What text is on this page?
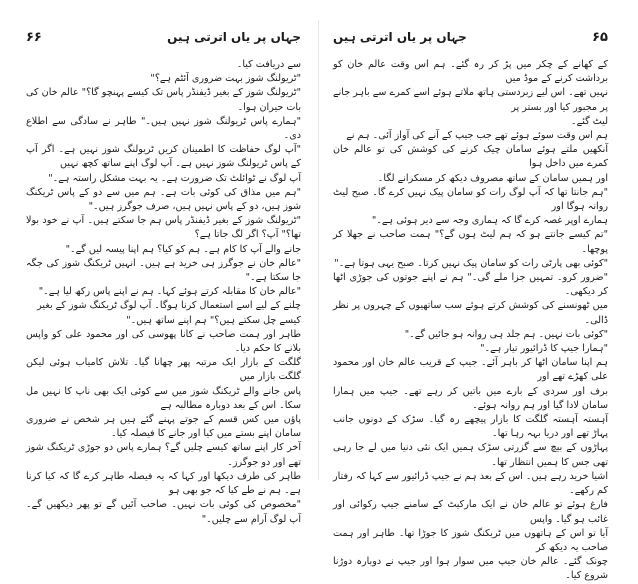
۶۶	جہاں پر یاں اترتی ہیں

سے دریافت کیا۔

"ٹریولنگ شوز بہت ضروری آئٹم ہے؟"

"ٹریولنگ شوز کے بغیر ڈیفنڈر پاس تک کیسے پہنچو گا؟" عالم خان کی بات حیران ہوا۔

"ہمارے پاس ٹریولنگ شوز نہیں ہیں۔" طاہر نے سادگی سے اطلاع دی۔

"آپ لوگ حفاظت کا اطمینان کریں ٹریولنگ شوز نہیں ہے۔ اگر آپ کے پاس ٹریولنگ شوز نہیں ہے۔ آپ لوگ اپنے ساتھ کچھ نہیں

آپ لوگ نے ٹوائلٹ تک ضرورت ہے۔ یہ بہت مشکل راستہ ہے۔"

"ہم میں مذاق کی کوئی بات ہے۔ ہم میں سے دو کے پاس ٹریکنگ شوز ہیں، دو کے پاس نہیں ہیں، صرف جوگرز ہیں۔"

"ٹریولنگ شوز کے بغیر ڈیفنڈر پاس ہم جا سکتے ہیں۔ آپ نے خود بولا تھا؟" آپ؟ اگر لگ جاتا ہے؟

جانے والے آپ کا کام ہے۔ ہم کو کیا؟ ہم اپنا پیسہ لیں گے۔"

"عالم خان نے جوگرز ہی خرید ہے ہیں۔ انہیں ٹریکنگ شوز کی جگہ جا سکتا ہے۔"

"عالم خان کا مقابلہ کرتے ہوئے کہا۔ ہم نے اپنے پاس رکھ لیا ہے۔"

چلنے کے لیے اسے استعمال کرنا ہوگا۔ آپ لوگ ٹریکنگ شوز کے بغیر

کیسے چل سکتے ہیں؟" ہم اپنے ساتھ ہیں۔"

طاہر اور ہمت صاحب نے کانا پھوسی کی اور محمود علی کو واپس بلانے کا حکم دیا۔

گلگت کے بازار ایک مرتبہ پھر چھانا گیا۔ تلاش کامیاب ہوئی لیکن گلگت بازار میں

پاس جانے والے ٹریکنگ شوز میں سے کوئی ایک بھی ناپ کا نہیں مل سکا۔ اس کے بعد دوبارہ مطالبہ ہے

پاؤں میں کس قسم کے جوتے پہنے گئے ہیں ہر شخص نے ضروری سامان اپنے بستے میں کیا اور جانے کا فیصلہ کیا۔

آخر کار اپنے ساتھ کیسے چلیں گے؟ ہمارے پاس دو جوڑی ٹریکنگ شوز تھے اور دو جوگرز۔

طاہر کی طرف دیکھا اور کہا کہ یہ فیصلہ طاہر کرے گا کہ کیا کرنا ہے۔ ہم نے طے کیا کہ جو بھی ہو

"مخصوص کی کوئی بات نہیں۔ صاحب آئیں گے تو پھر دیکھیں گے۔ آپ لوگ آرام سے چلیں۔"

جہاں پر یاں اترتی ہیں	۶۵

کے کھانے کے چکر میں پڑ کر رہ گئے۔ ہم اس وقت عالم خان کو برداشت کرنے کے موڈ میں

نہیں تھے۔ اس لیے زبردستی ہاتھ ملاتے ہوئے اسے کمرے سے باہر جانے پر مجبور کیا اور بستر پر

لیٹ گئے۔

ہم اس وقت سوئے ہوئے تھے جب جیپ کے آنے کی آواز آئی۔ ہم نے

آنکھیں ملتے ہوئے سامان چیک کرنے کی کوشش کی تو عالم خان کمرے میں داخل ہوا

اور ہمیں سامان کے ساتھ مصروف دیکھ کر مسکرانے لگا۔

"ہم جانتا تھا کہ آپ لوگ رات کو سامان پیک نہیں کرے گا۔ صبح لیٹ روانہ ہوگا اور

ہمارے اوپر غصہ کرے گا کہ ہماری وجہ سے دیر ہوئی ہے۔"

"تم کیسے جانتے ہو کہ ہم لیٹ ہوں گے؟" ہمت صاحب نے جھلا کر پوچھا۔

"کوئی بھی پارٹی رات کو سامان پیک نہیں کرتا۔ صبح یہی ہوتا ہے۔"

"ضرور کرو۔ تمہیں جزا ملے گی۔" ہم نے اپنے جوتوں کی جوڑی اٹھا کر دیکھی۔

میں ٹھونسنے کی کوشش کرتے ہوئے سب ساتھیوں کے چہروں پر نظر ڈالی۔

"کوئی بات نہیں۔ ہم جلد ہی روانہ ہو جائیں گے۔"

"ہمارا جیپ کا ڈرائیور تیار ہے۔"

ہم اپنا سامان اٹھا کر باہر آئے۔ جیپ کے قریب عالم خان اور محمود علی کھڑے تھے اور

برف اور سردی کے بارے میں باتیں کر رہے تھے۔ جیپ میں ہمارا سامان لادا گیا اور ہم روانہ ہوئے۔

آہستہ آہستہ گلگت کا بازار پیچھے رہ گیا۔ سڑک کے دونوں جانب پہاڑ تھے اور دریا بہہ رہا تھا۔

پہاڑوں کے بیچ سے گزرتی سڑک ہمیں ایک نئی دنیا میں لے جا رہی تھی جس کا ہمیں انتظار تھا۔

اشیا خرید رہے ہیں۔ اس کے بعد ہم نے جیپ ڈرائیور سے کہا کہ رفتار کم رکھے۔

فارغ ہوئے تو عالم خان نے ایک مارکیٹ کے سامنے جیپ رکوائی اور غائب ہو گیا۔ واپس

آیا تو اس کے ہاتھوں میں ٹریکنگ شوز کا جوڑا تھا۔ طاہر اور ہمت صاحب یہ دیکھ کر

چونک گئے۔ عالم خان جیپ میں سوار ہوا اور جیپ نے دوبارہ دوڑنا شروع کیا۔
